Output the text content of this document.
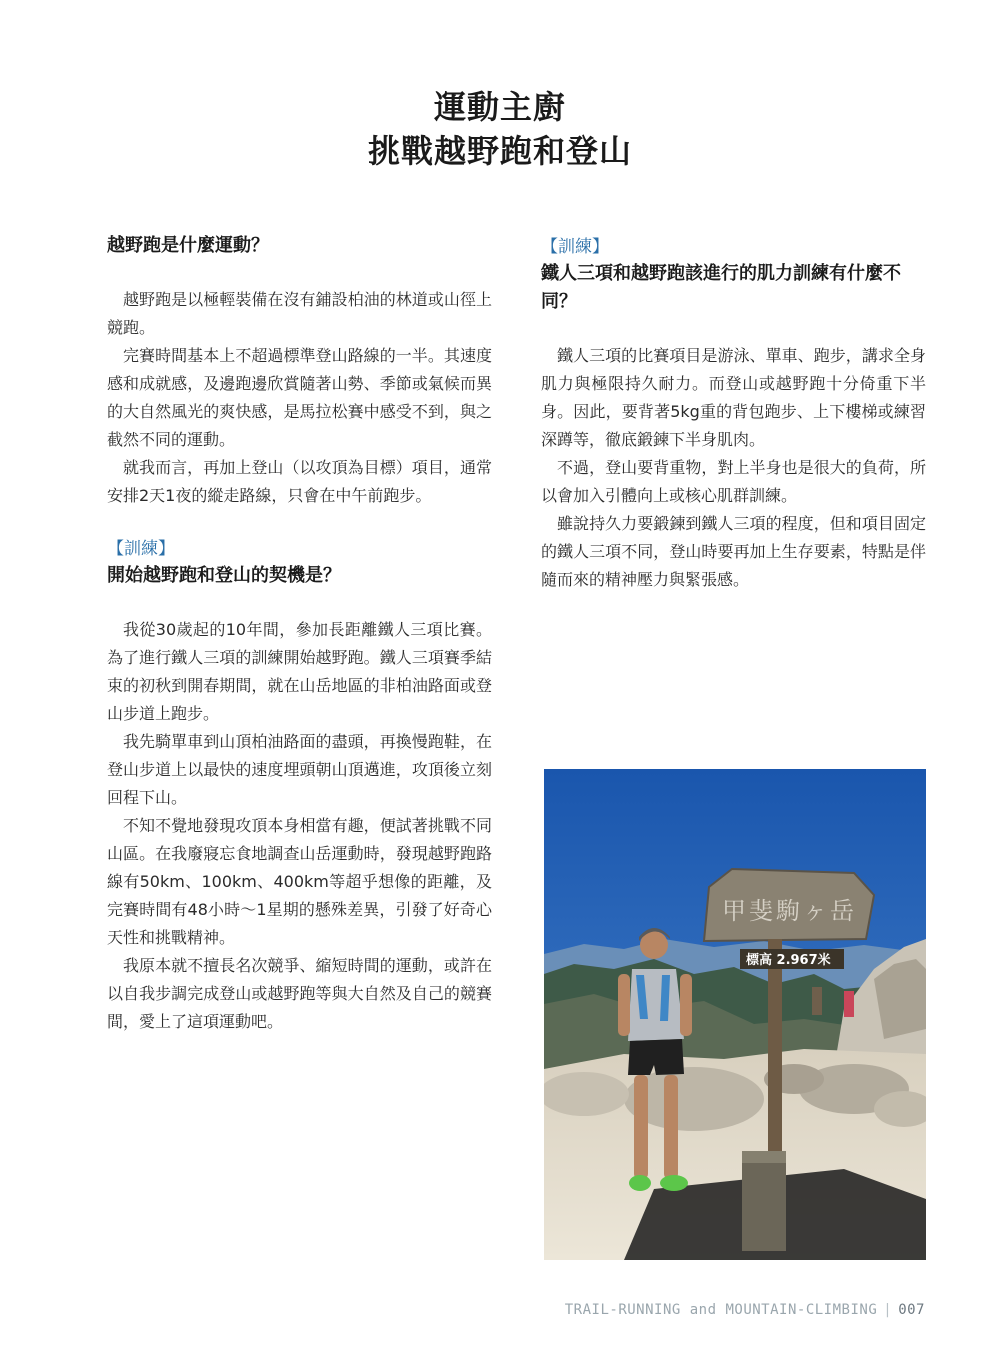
運動主廚
挑戰越野跑和登山
越野跑是什麼運動？

越野跑是以極輕裝備在沒有鋪設柏油的林道或山徑上競跑。

完賽時間基本上不超過標準登山路線的一半。其速度感和成就感，及邊跑邊欣賞隨著山勢、季節或氣候而異的大自然風光的爽快感，是馬拉松賽中感受不到，與之截然不同的運動。

就我而言，再加上登山（以攻頂為目標）項目，通常安排2天1夜的縱走路線，只會在中午前跑步。

【訓練】
開始越野跑和登山的契機是？

我從30歲起的10年間，參加長距離鐵人三項比賽。為了進行鐵人三項的訓練開始越野跑。鐵人三項賽季結束的初秋到開春期間，就在山岳地區的非柏油路面或登山步道上跑步。

我先騎單車到山頂柏油路面的盡頭，再換慢跑鞋，在登山步道上以最快的速度埋頭朝山頂邁進，攻頂後立刻回程下山。

不知不覺地發現攻頂本身相當有趣，便試著挑戰不同山區。在我廢寢忘食地調查山岳運動時，發現越野跑路線有50km、100km、400km等超乎想像的距離，及完賽時間有48小時～1星期的懸殊差異，引發了好奇心天性和挑戰精神。

我原本就不擅長名次競爭、縮短時間的運動，或許在以自我步調完成登山或越野跑等與大自然及自己的競賽間，愛上了這項運動吧。

【訓練】
鐵人三項和越野跑該進行的肌力訓練有什麼不同？

鐵人三項的比賽項目是游泳、單車、跑步，講求全身肌力與極限持久耐力。而登山或越野跑十分倚重下半身。因此，要背著5kg重的背包跑步、上下樓梯或練習深蹲等，徹底鍛鍊下半身肌肉。

不過，登山要背重物，對上半身也是很大的負荷，所以會加入引體向上或核心肌群訓練。

雖說持久力要鍛鍊到鐵人三項的程度，但和項目固定的鐵人三項不同，登山時要再加上生存要素，特點是伴隨而來的精神壓力與緊張感。

甲斐駒ヶ岳
標高 2.967米
TRAIL-RUNNING and MOUNTAIN-CLIMBING | 007
